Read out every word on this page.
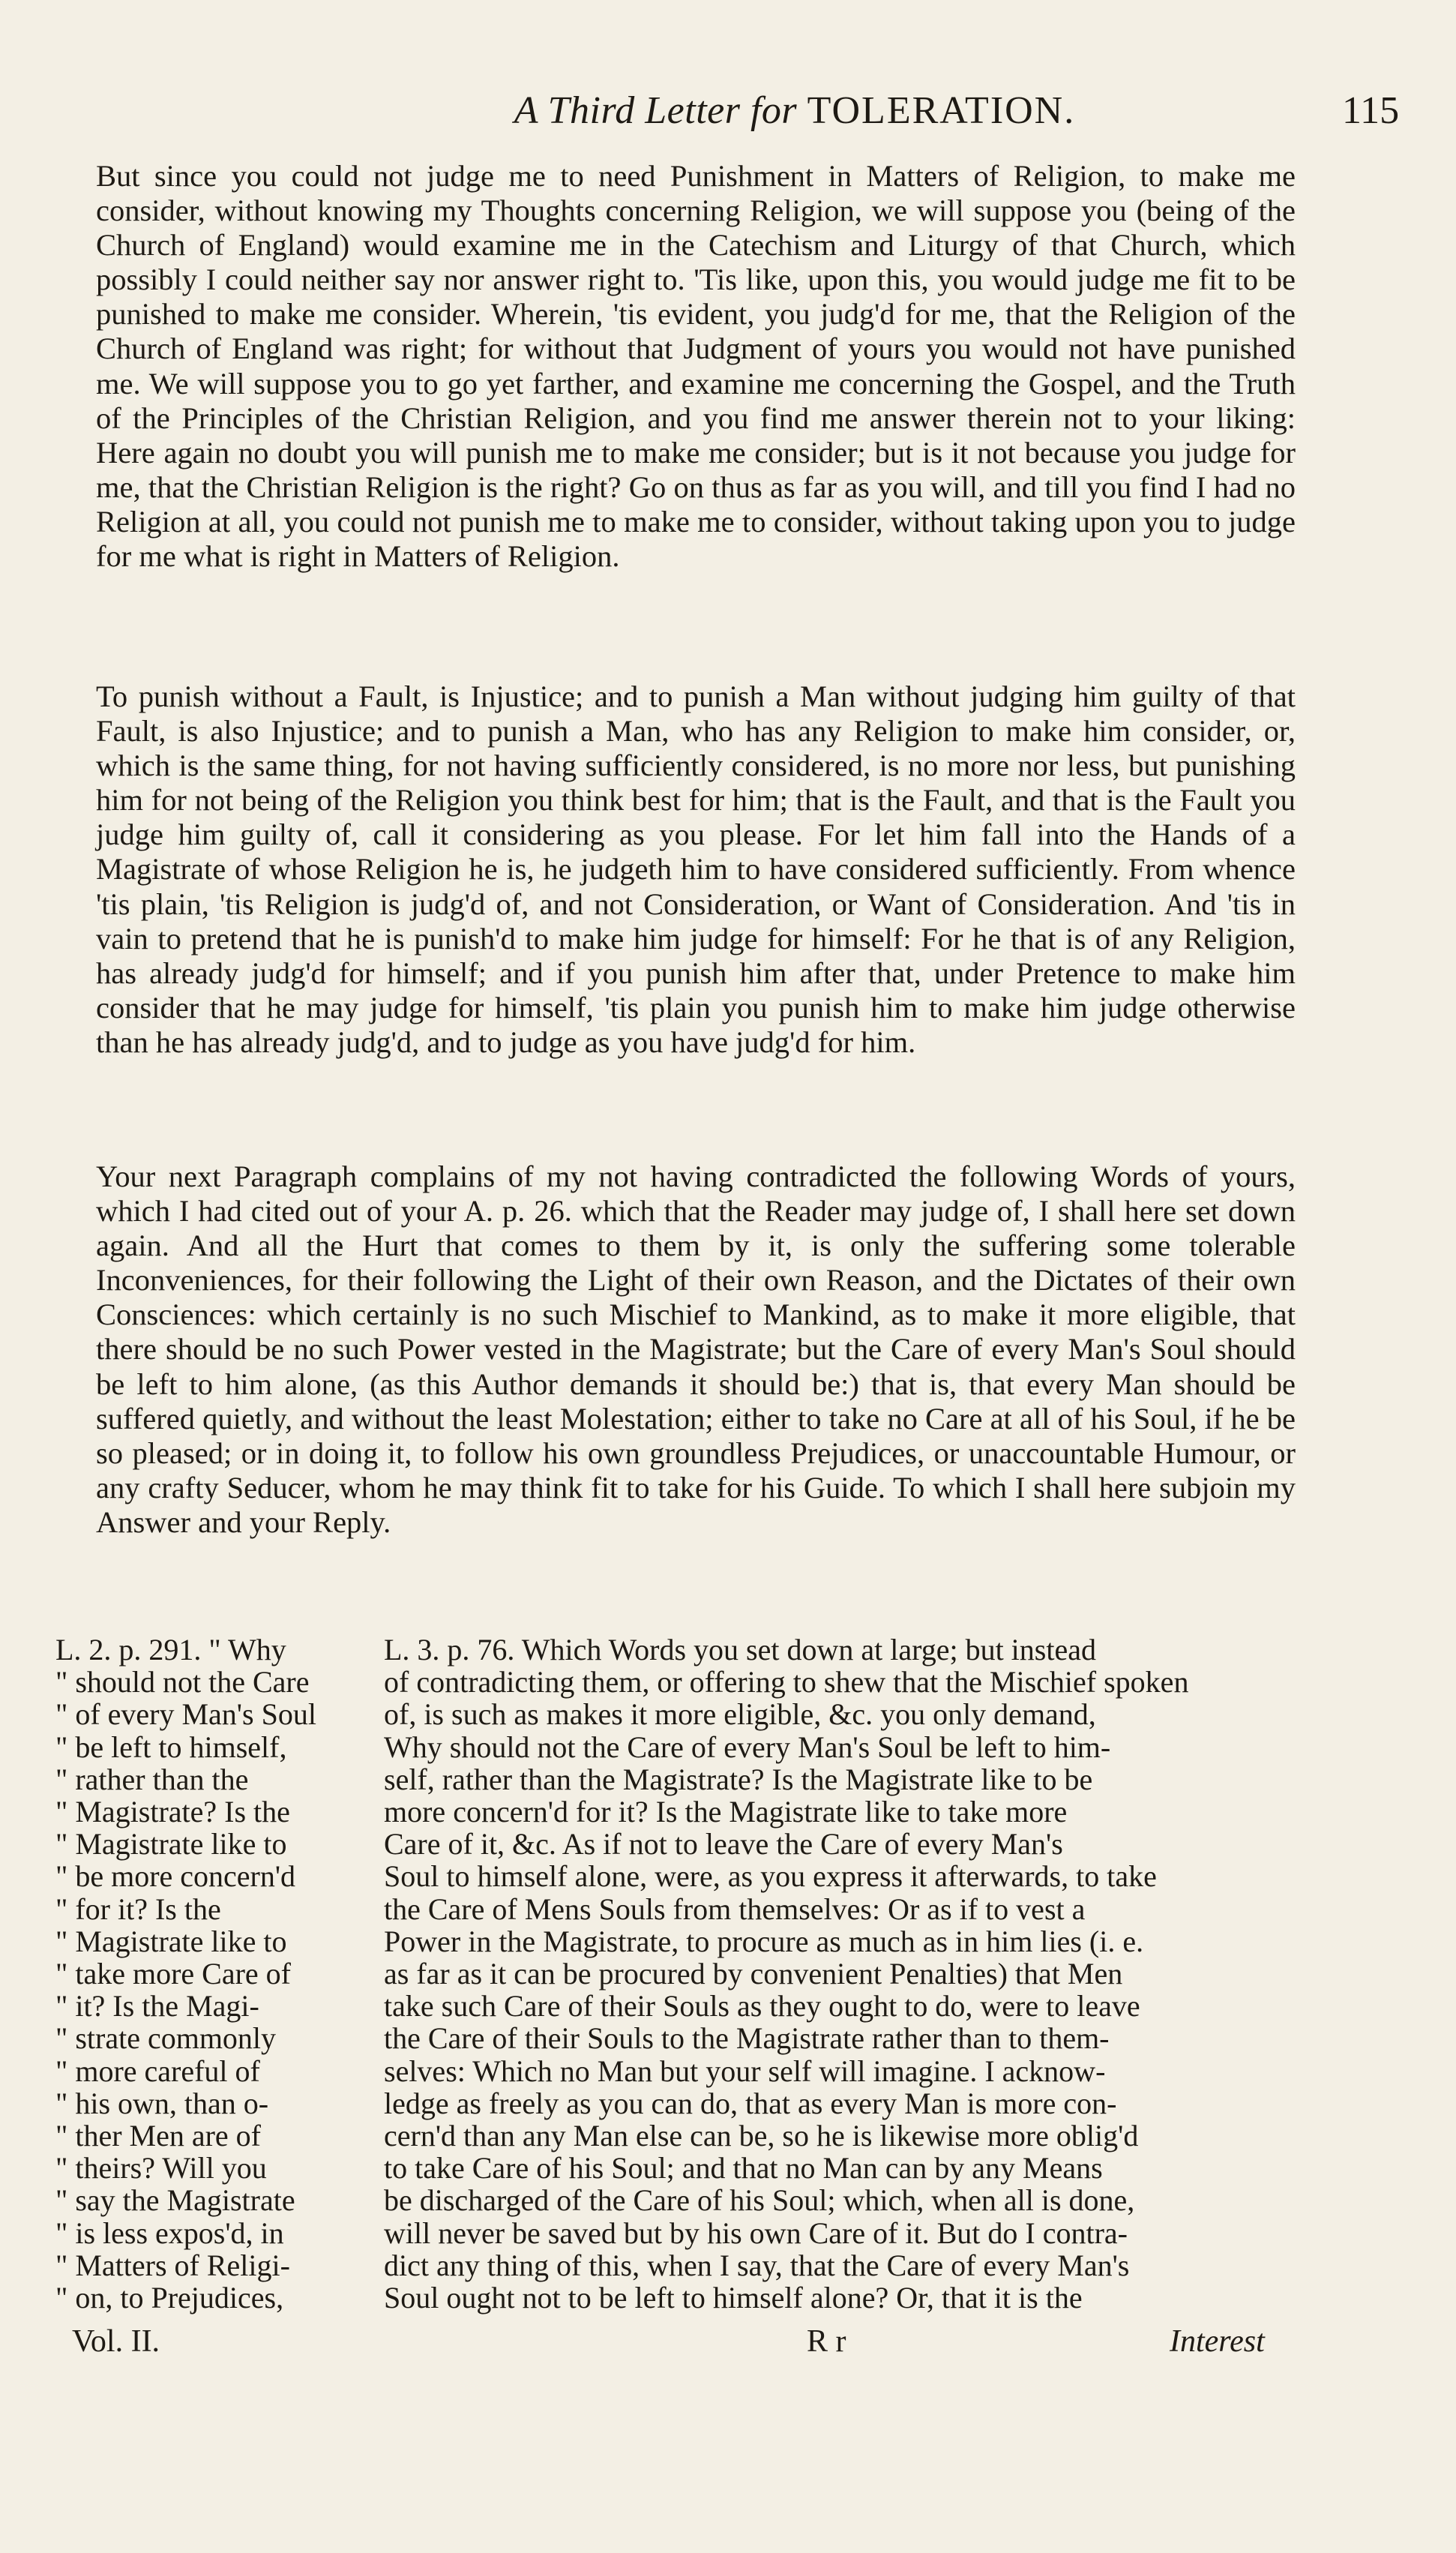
A Third Letter for TOLERATION.	115

But since you could not judge me to need Punishment in Matters of Religion, to make me consider, without knowing my Thoughts concerning Religion, we will suppose you (being of the Church of England) would examine me in the Catechism and Liturgy of that Church, which possibly I could neither say nor answer right to. 'Tis like, upon this, you would judge me fit to be punished to make me consider. Wherein, 'tis evident, you judg'd for me, that the Religion of the Church of England was right; for without that Judgment of yours you would not have punished me. We will suppose you to go yet farther, and examine me concerning the Gospel, and the Truth of the Principles of the Christian Religion, and you find me answer therein not to your liking: Here again no doubt you will punish me to make me consider; but is it not because you judge for me, that the Christian Religion is the right? Go on thus as far as you will, and till you find I had no Religion at all, you could not punish me to make me to consider, without taking upon you to judge for me what is right in Matters of Religion.

To punish without a Fault, is Injustice; and to punish a Man without judging him guilty of that Fault, is also Injustice; and to punish a Man, who has any Religion to make him consider, or, which is the same thing, for not having sufficiently considered, is no more nor less, but punishing him for not being of the Religion you think best for him; that is the Fault, and that is the Fault you judge him guilty of, call it considering as you please. For let him fall into the Hands of a Magistrate of whose Religion he is, he judgeth him to have considered sufficiently. From whence 'tis plain, 'tis Religion is judg'd of, and not Consideration, or Want of Consideration. And 'tis in vain to pretend that he is punish'd to make him judge for himself: For he that is of any Religion, has already judg'd for himself; and if you punish him after that, under Pretence to make him consider that he may judge for himself, 'tis plain you punish him to make him judge otherwise than he has already judg'd, and to judge as you have judg'd for him.

Your next Paragraph complains of my not having contradicted the following Words of yours, which I had cited out of your A. p. 26. which that the Reader may judge of, I shall here set down again. And all the Hurt that comes to them by it, is only the suffering some tolerable Inconveniences, for their following the Light of their own Reason, and the Dictates of their own Consciences: which certainly is no such Mischief to Mankind, as to make it more eligible, that there should be no such Power vested in the Magistrate; but the Care of every Man's Soul should be left to him alone, (as this Author demands it should be:) that is, that every Man should be suffered quietly, and without the least Molestation; either to take no Care at all of his Soul, if he be so pleased; or in doing it, to follow his own groundless Prejudices, or unaccountable Humour, or any crafty Seducer, whom he may think fit to take for his Guide. To which I shall here subjoin my Answer and your Reply.

L. 2. p. 291. " Why
" should not the Care
" of every Man's Soul
" be left to himself,
" rather than the
" Magistrate? Is the
" Magistrate like to
" be more concern'd
" for it? Is the
" Magistrate like to
" take more Care of
" it? Is the Magi-
" strate commonly
" more careful of
" his own, than o-
" ther Men are of
" theirs? Will you
" say the Magistrate
" is less expos'd, in
" Matters of Religi-
" on, to Prejudices,
L. 3. p. 76. Which Words you set down at large; but instead
of contradicting them, or offering to shew that the Mischief spoken
of, is such as makes it more eligible, &c. you only demand,
Why should not the Care of every Man's Soul be left to him-
self, rather than the Magistrate? Is the Magistrate like to be
more concern'd for it? Is the Magistrate like to take more
Care of it, &c. As if not to leave the Care of every Man's
Soul to himself alone, were, as you express it afterwards, to take
the Care of Mens Souls from themselves: Or as if to vest a
Power in the Magistrate, to procure as much as in him lies (i. e.
as far as it can be procured by convenient Penalties) that Men
take such Care of their Souls as they ought to do, were to leave
the Care of their Souls to the Magistrate rather than to them-
selves: Which no Man but your self will imagine. I acknow-
ledge as freely as you can do, that as every Man is more con-
cern'd than any Man else can be, so he is likewise more oblig'd
to take Care of his Soul; and that no Man can by any Means
be discharged of the Care of his Soul; which, when all is done,
will never be saved but by his own Care of it. But do I contra-
dict any thing of this, when I say, that the Care of every Man's
Soul ought not to be left to himself alone? Or, that it is the
Vol. II.	R r	Interest
